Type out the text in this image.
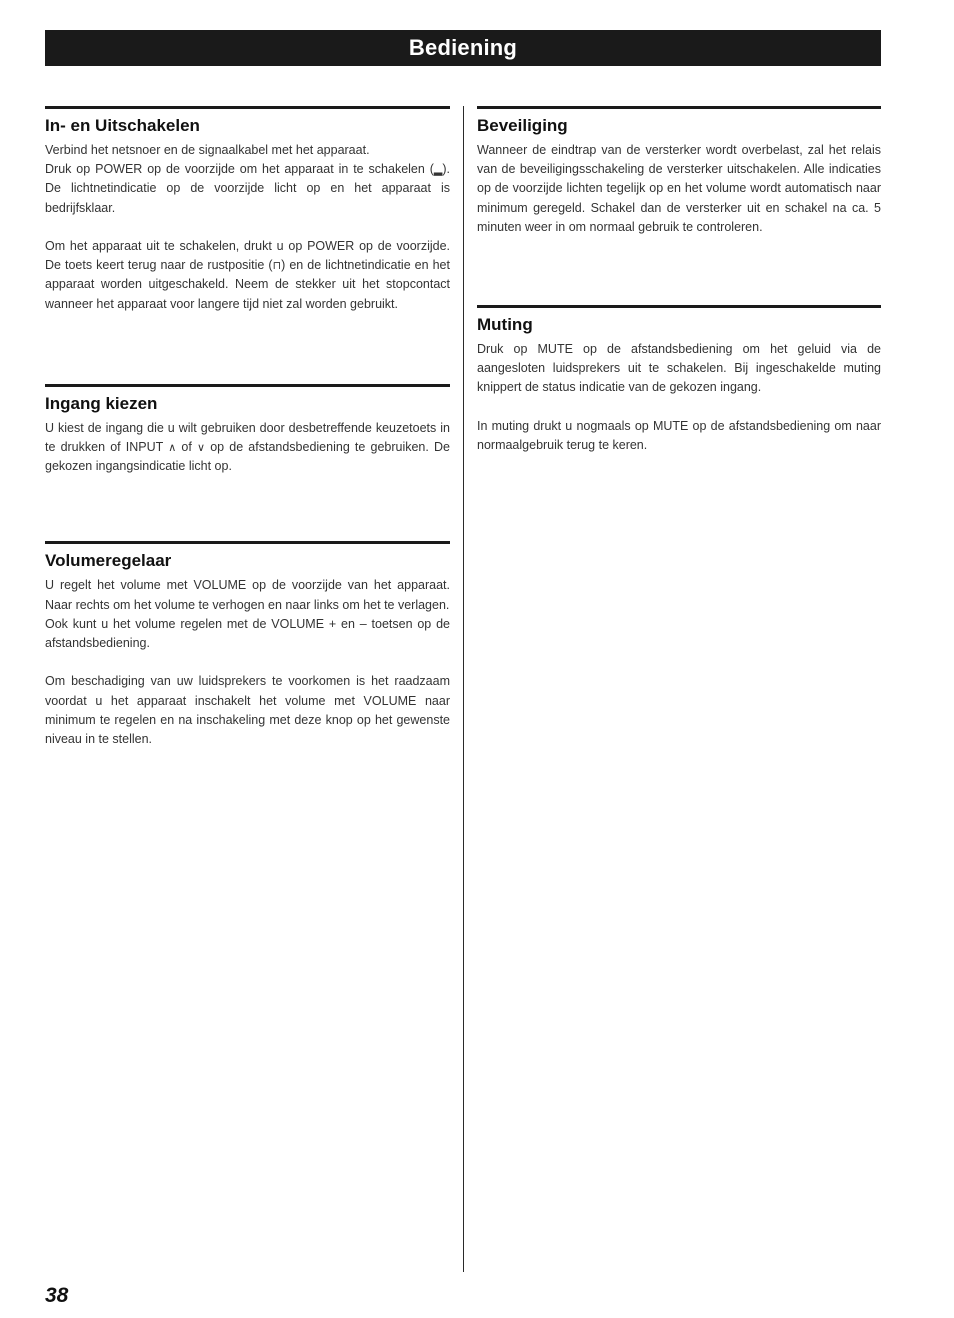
Bediening
In- en Uitschakelen

Verbind het netsnoer en de signaalkabel met het apparaat.

Druk op POWER op de voorzijde om het apparaat in te schakelen (▂). De lichtnetindicatie op de voorzijde licht op en het apparaat is bedrijfsklaar.

Om het apparaat uit te schakelen, drukt u op POWER op de voorzijde. De toets keert terug naar de rustpositie (⊓) en de lichtnetindicatie en het apparaat worden uitgeschakeld. Neem de stekker uit het stopcontact wanneer het apparaat voor langere tijd niet zal worden gebruikt.

Ingang kiezen

U kiest de ingang die u wilt gebruiken door desbetreffende keuzetoets in te drukken of INPUT ∧ of ∨ op de afstandsbediening te gebruiken. De gekozen ingangsindicatie licht op.

Volumeregelaar

U regelt het volume met VOLUME op de voorzijde van het apparaat. Naar rechts om het volume te verhogen en naar links om het te verlagen.

Ook kunt u het volume regelen met de VOLUME + en – toetsen op de afstandsbediening.

Om beschadiging van uw luidsprekers te voorkomen is het raadzaam voordat u het apparaat inschakelt het volume met VOLUME naar minimum te regelen en na inschakeling met deze knop op het gewenste niveau in te stellen.

Beveiliging

Wanneer de eindtrap van de versterker wordt overbelast, zal het relais van de beveiligingsschakeling de versterker uitschakelen. Alle indicaties op de voorzijde lichten tegelijk op en het volume wordt automatisch naar minimum geregeld. Schakel dan de versterker uit en schakel na ca. 5 minuten weer in om normaal gebruik te controleren.

Muting

Druk op MUTE op de afstandsbediening om het geluid via de aangesloten luidsprekers uit te schakelen. Bij ingeschakelde muting knippert de status indicatie van de gekozen ingang.

In muting drukt u nogmaals op MUTE op de afstandsbediening om naar normaalgebruik terug te keren.

38
